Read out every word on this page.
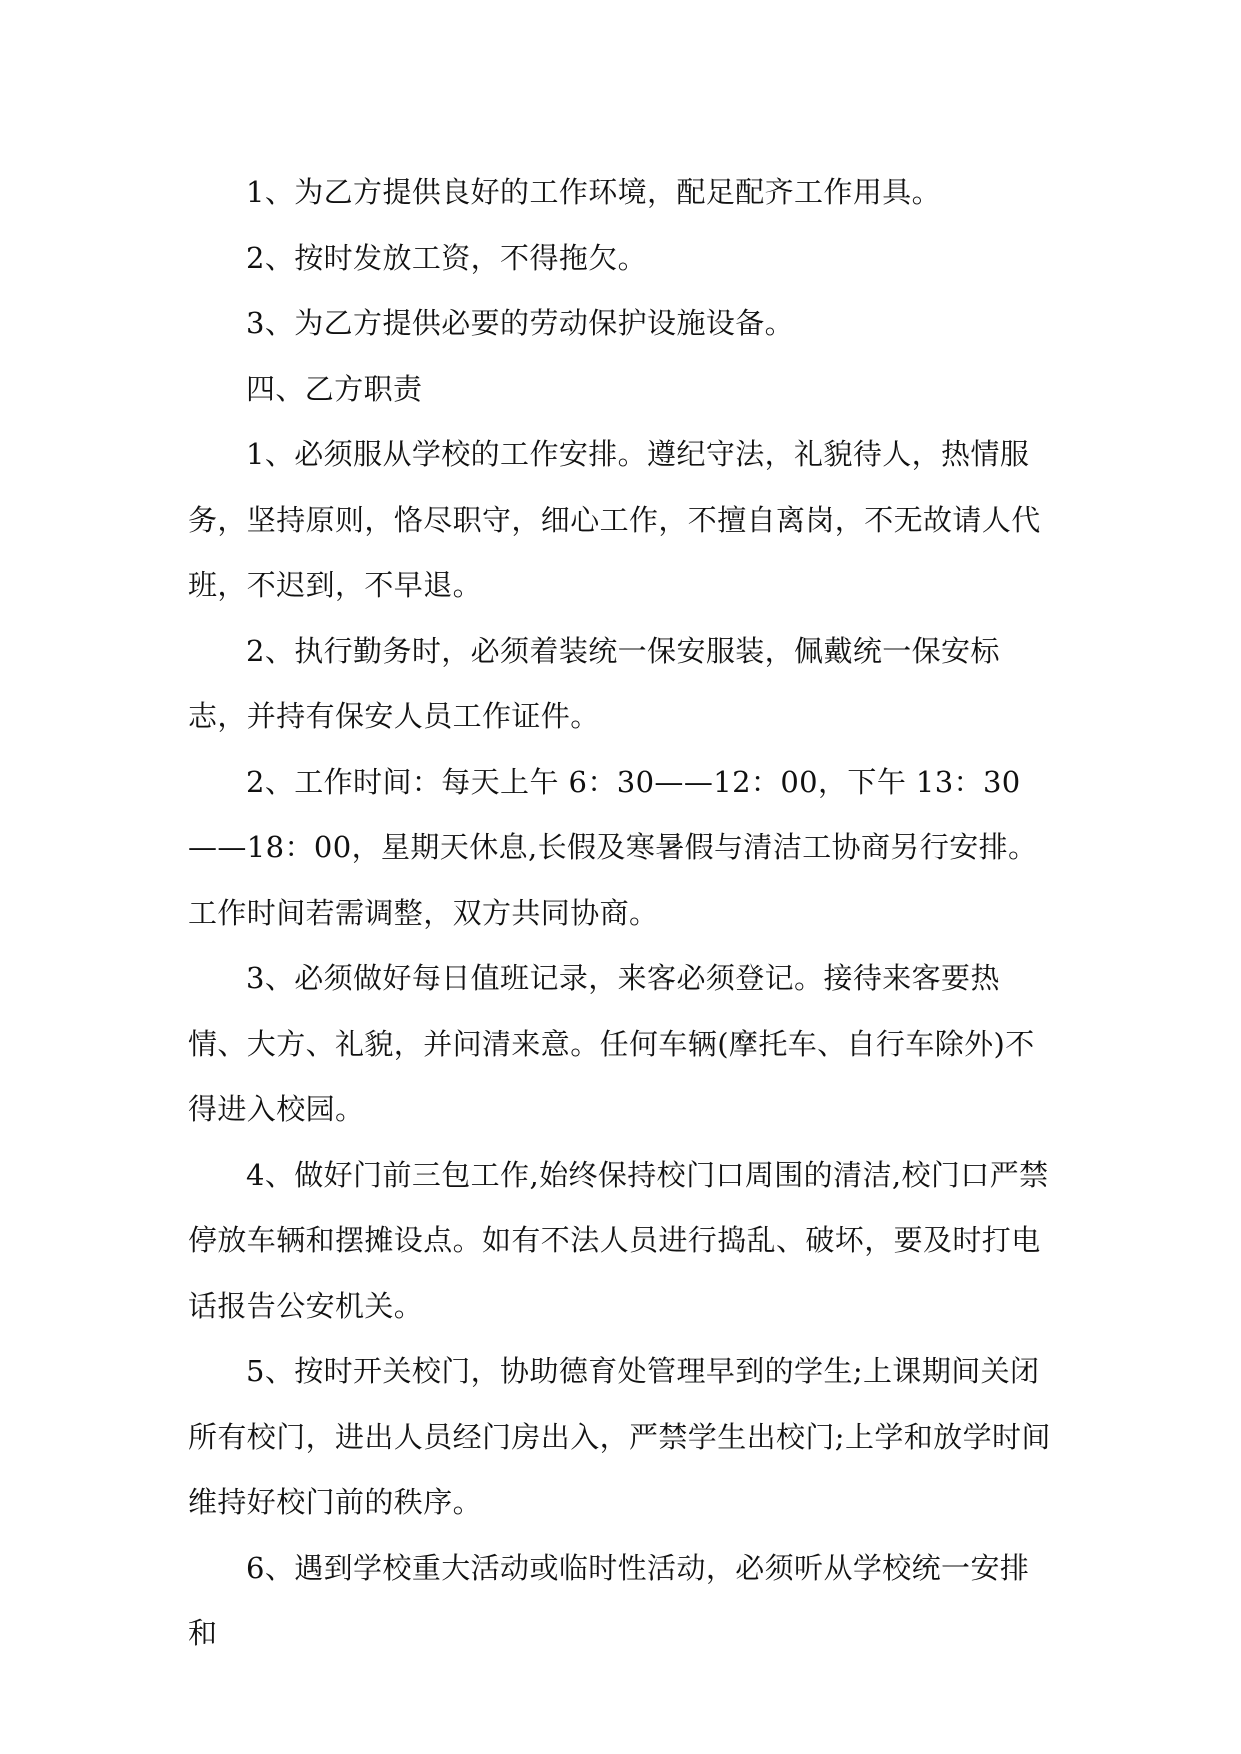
1、为乙方提供良好的工作环境，配足配齐工作用具。

2、按时发放工资，不得拖欠。

3、为乙方提供必要的劳动保护设施设备。

四、乙方职责

1、必须服从学校的工作安排。遵纪守法，礼貌待人，热情服务，坚持原则，恪尽职守，细心工作，不擅自离岗，不无故请人代班，不迟到，不早退。

2、执行勤务时，必须着装统一保安服装，佩戴统一保安标志，并持有保安人员工作证件。

2、工作时间：每天上午 6：30——12：00，下午 13：30——18：00，星期天休息,长假及寒暑假与清洁工协商另行安排。工作时间若需调整，双方共同协商。

3、必须做好每日值班记录，来客必须登记。接待来客要热情、大方、礼貌，并问清来意。任何车辆(摩托车、自行车除外)不得进入校园。

4、做好门前三包工作,始终保持校门口周围的清洁,校门口严禁停放车辆和摆摊设点。如有不法人员进行捣乱、破坏，要及时打电话报告公安机关。

5、按时开关校门，协助德育处管理早到的学生;上课期间关闭所有校门，进出人员经门房出入，严禁学生出校门;上学和放学时间维持好校门前的秩序。

6、遇到学校重大活动或临时性活动，必须听从学校统一安排和
